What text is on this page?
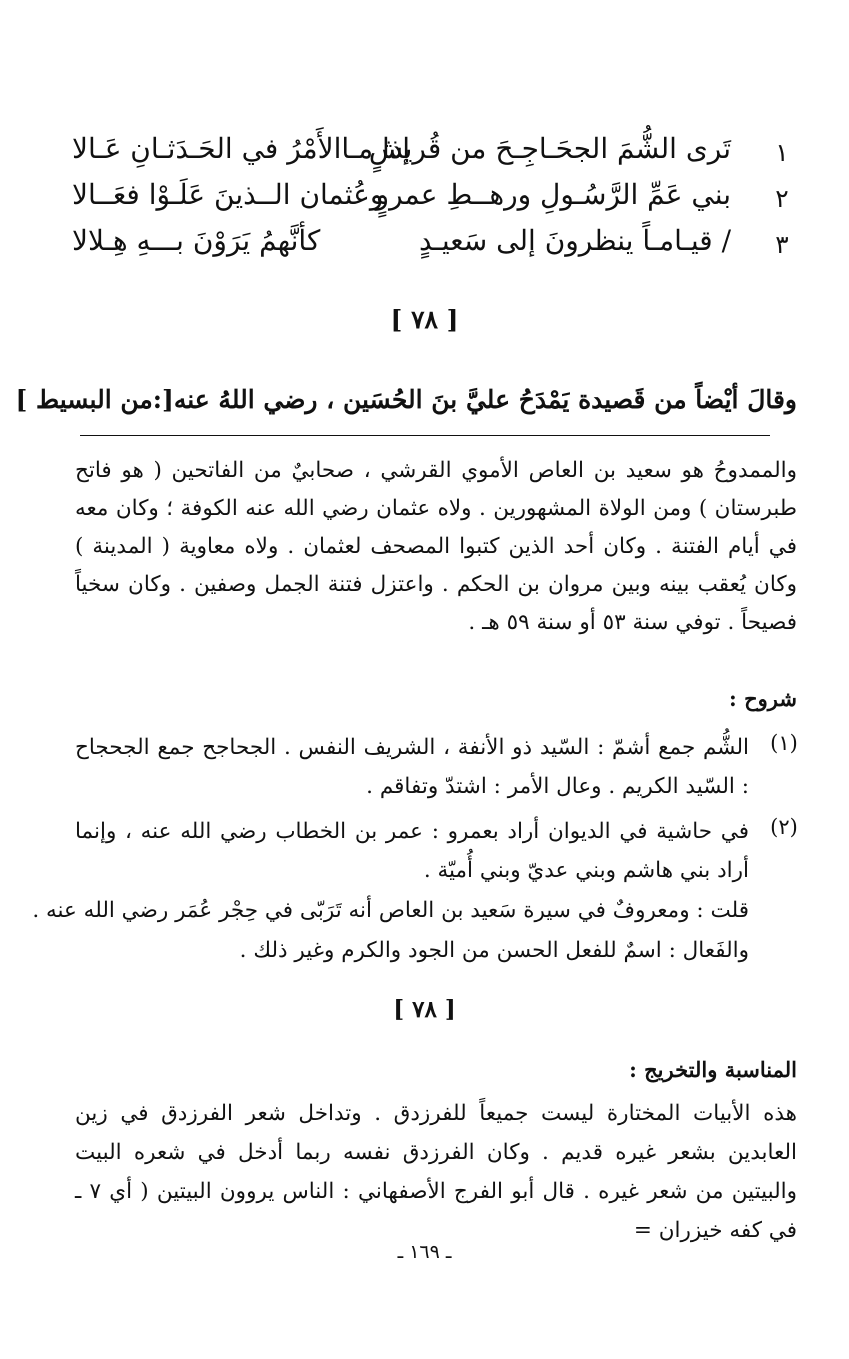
١
تَرى الشُّمَ الجحَـاجِـحَ من قُريشٍ
إذا مـاالأَمْرُ في الحَـدَثـانِ عَـالا
٢
بني عَمِّ الرَّسُـولِ ورهــطِ عمروٍ
وعُثمان الــذينَ عَلَـوْا فعَــالا
٣
/ قيـامـاً ينظرونَ إلى سَعيـدٍ
كأنَّهمُ يَرَوْنَ بـــهِ هِـلالا
[ ٧٨ ]
وقالَ أيْضاً من قَصيدة يَمْدَحُ عليَّ بنَ الحُسَين ، رضي اللهُ عنه[:من البسيط ]
والممدوحُ هو سعيد بن العاص الأموي القرشي ، صحابيٌ من الفاتحين ( هو فاتح طبرستان ) ومن الولاة المشهورين . ولاه عثمان رضي الله عنه الكوفة ؛ وكان معه في أيام الفتنة . وكان أحد الذين كتبوا المصحف لعثمان . ولاه معاوية ( المدينة ) وكان يُعقب بينه وبين مروان بن الحكم . واعتزل فتنة الجمل وصفين . وكان سخياً فصيحاً . توفي سنة ٥٣ أو سنة ٥٩ هـ .
شروح :
(١)
الشُّم جمع أشمّ : السّيد ذو الأنفة ، الشريف النفس . الجحاجح جمع الجحجاح : السّيد الكريم . وعال الأمر : اشتدّ وتفاقم .
(٢)
في حاشية في الديوان أراد بعمرو : عمر بن الخطاب رضي الله عنه ، وإنما أراد بني هاشم وبني عديّ وبني أُميّة .
قلت : ومعروفٌ في سيرة سَعيد بن العاص أنه تَرَبّى في حِجْر عُمَر رضي الله عنه .
والفَعال : اسمٌ للفعل الحسن من الجود والكرم وغير ذلك .
[ ٧٨ ]
المناسبة والتخريج :
هذه الأبيات المختارة ليست جميعاً للفرزدق . وتداخل شعر الفرزدق في زين العابدين بشعر غيره قديم . وكان الفرزدق نفسه ربما أدخل في شعره البيت والبيتين من شعر غيره . قال أبو الفرج الأصفهاني : الناس يروون البيتين ( أي ٧ ـ في كفه خيزران =
ـ ١٦٩ ـ
